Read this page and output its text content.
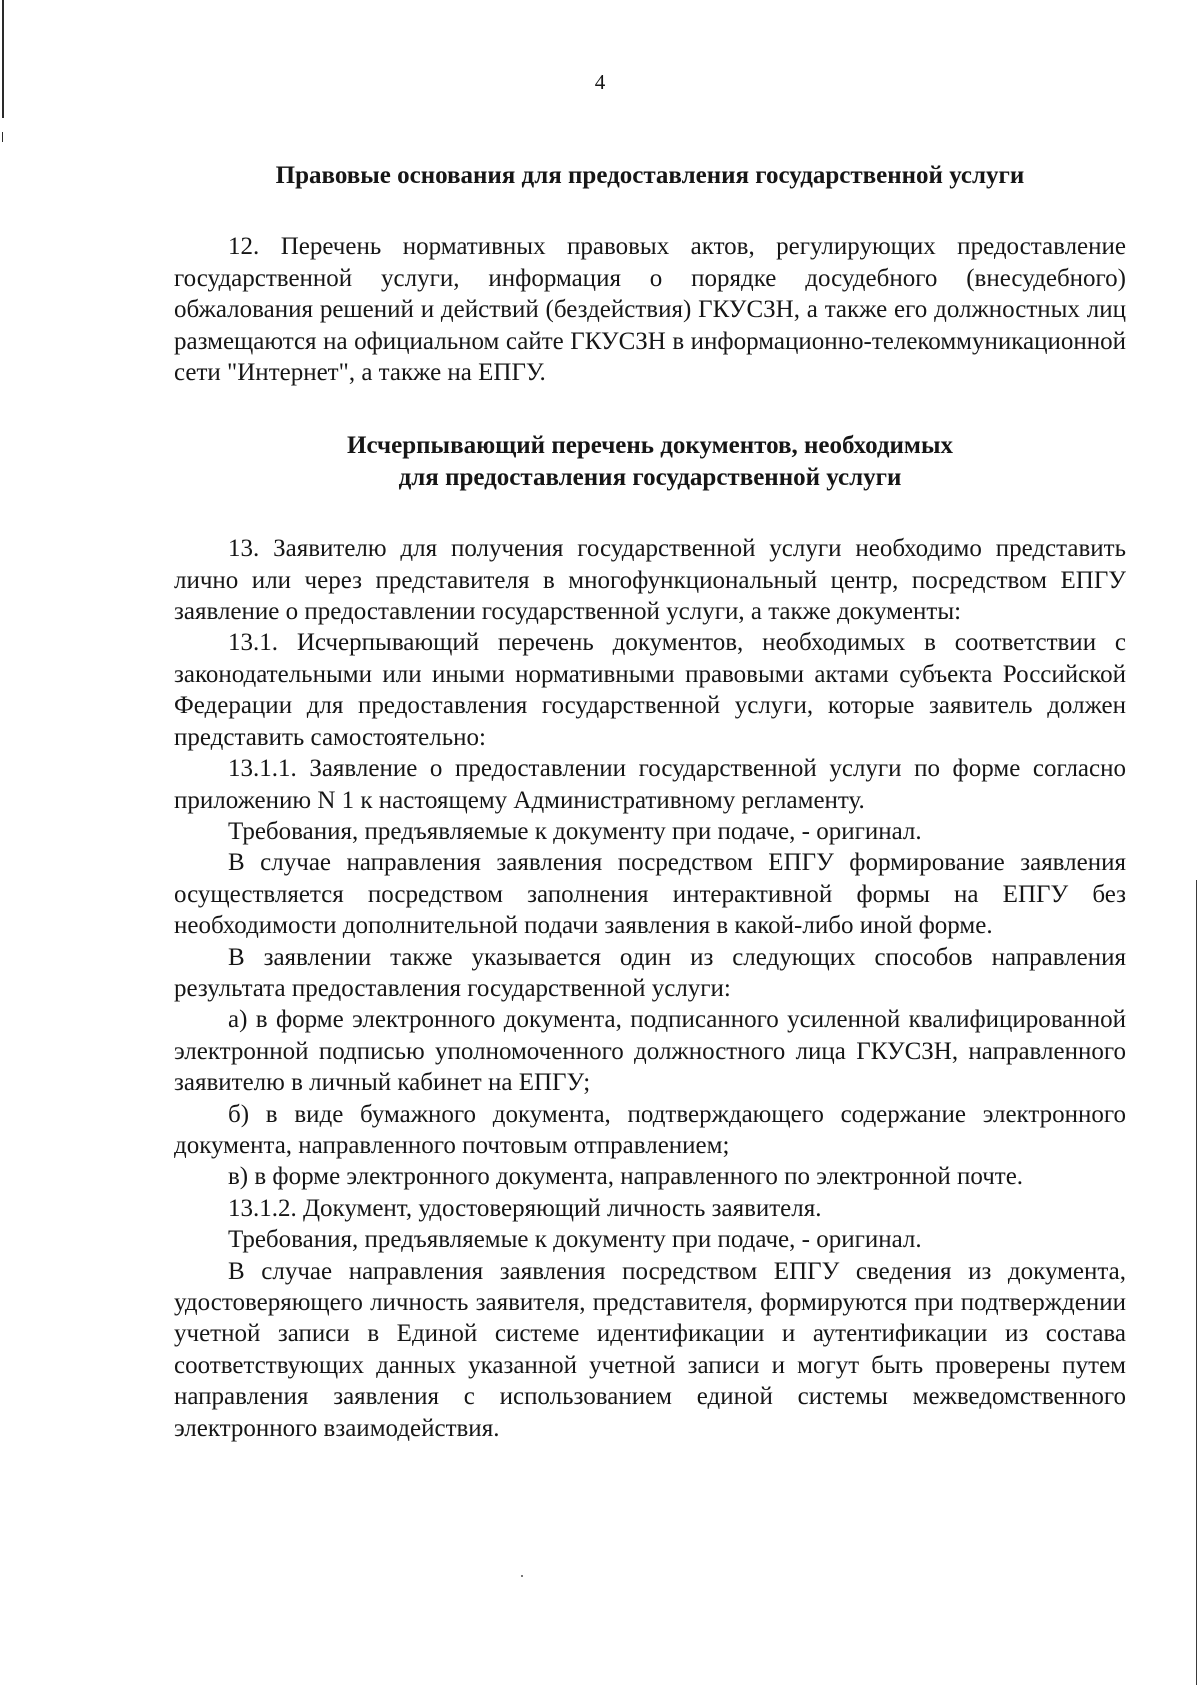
4
Правовые основания для предоставления государственной услуги

12. Перечень нормативных правовых актов, регулирующих предоставление государственной услуги, информация о порядке досудебного (внесудебного) обжалования решений и действий (бездействия) ГКУСЗН, а также его должностных лиц размещаются на официальном сайте ГКУСЗН в информационно-телекоммуникационной сети "Интернет", а также на ЕПГУ.

Исчерпывающий перечень документов, необходимых
для предоставления государственной услуги

13. Заявителю для получения государственной услуги необходимо представить лично или через представителя в многофункциональный центр, посредством ЕПГУ заявление о предоставлении государственной услуги, а также документы:

13.1. Исчерпывающий перечень документов, необходимых в соответствии с законодательными или иными нормативными правовыми актами субъекта Российской Федерации для предоставления государственной услуги, которые заявитель должен представить самостоятельно:

13.1.1. Заявление о предоставлении государственной услуги по форме согласно приложению N 1 к настоящему Административному регламенту.

Требования, предъявляемые к документу при подаче, - оригинал.

В случае направления заявления посредством ЕПГУ формирование заявления осуществляется посредством заполнения интерактивной формы на ЕПГУ без необходимости дополнительной подачи заявления в какой-либо иной форме.

В заявлении также указывается один из следующих способов направления результата предоставления государственной услуги:

а) в форме электронного документа, подписанного усиленной квалифицированной электронной подписью уполномоченного должностного лица ГКУСЗН, направленного заявителю в личный кабинет на ЕПГУ;

б) в виде бумажного документа, подтверждающего содержание электронного документа, направленного почтовым отправлением;

в) в форме электронного документа, направленного по электронной почте.

13.1.2. Документ, удостоверяющий личность заявителя.

Требования, предъявляемые к документу при подаче, - оригинал.

В случае направления заявления посредством ЕПГУ сведения из документа, удостоверяющего личность заявителя, представителя, формируются при подтверждении учетной записи в Единой системе идентификации и аутентификации из состава соответствующих данных указанной учетной записи и могут быть проверены путем направления заявления с использованием единой системы межведомственного электронного взаимодействия.
